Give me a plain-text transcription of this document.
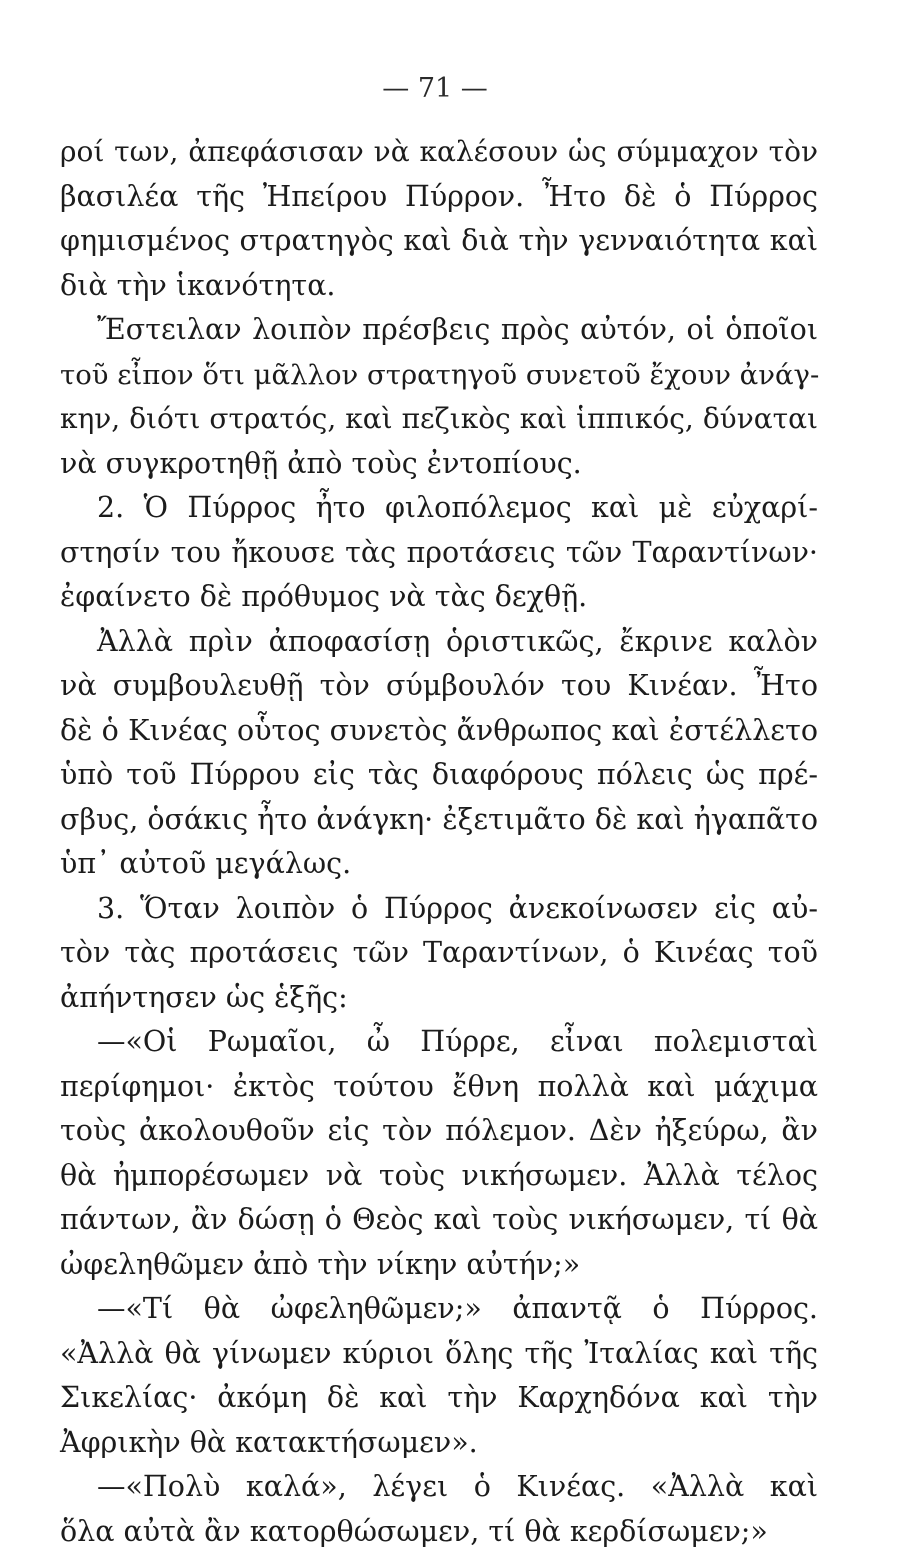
— 71 —
ροί των, ἀπεφάσισαν νὰ καλέσουν ὡς σύμμαχον τὸν
βασιλέα τῆς Ἠπείρου Πύρρον. Ἦτο δὲ ὁ Πύρρος
φημισμένος στρατηγὸς καὶ διὰ τὴν γενναιότητα καὶ
διὰ τὴν ἱκανότητα.
Ἔστειλαν λοιπὸν πρέσβεις πρὸς αὐτόν, οἱ ὁποῖοι
τοῦ εἶπον ὅτι μᾶλλον στρατηγοῦ συνετοῦ ἔχουν ἀνάγ-
κην, διότι στρατός, καὶ πεζικὸς καὶ ἱππικός, δύναται
νὰ συγκροτηθῇ ἀπὸ τοὺς ἐντοπίους.
2. Ὁ Πύρρος ἦτο φιλοπόλεμος καὶ μὲ εὐχαρί-
στησίν του ἤκουσε τὰς προτάσεις τῶν Ταραντίνων·
ἐφαίνετο δὲ πρόθυμος νὰ τὰς δεχθῇ.
Ἀλλὰ πρὶν ἀποφασίσῃ ὁριστικῶς, ἔκρινε καλὸν
νὰ συμβουλευθῇ τὸν σύμβουλόν του Κινέαν. Ἦτο
δὲ ὁ Κινέας οὗτος συνετὸς ἄνθρωπος καὶ ἐστέλλετο
ὑπὸ τοῦ Πύρρου εἰς τὰς διαφόρους πόλεις ὡς πρέ-
σβυς, ὁσάκις ἦτο ἀνάγκη· ἐξετιμᾶτο δὲ καὶ ἠγαπᾶτο
ὑπ᾿ αὐτοῦ μεγάλως.
3. Ὅταν λοιπὸν ὁ Πύρρος ἀνεκοίνωσεν εἰς αὐ-
τὸν τὰς προτάσεις τῶν Ταραντίνων, ὁ Κινέας τοῦ
ἀπήντησεν ὡς ἑξῆς:
—«Οἱ Ρωμαῖοι, ὦ Πύρρε, εἶναι πολεμισταὶ
περίφημοι· ἐκτὸς τούτου ἔθνη πολλὰ καὶ μάχιμα
τοὺς ἀκολουθοῦν εἰς τὸν πόλεμον. Δὲν ἠξεύρω, ἂν
θὰ ἠμπορέσωμεν νὰ τοὺς νικήσωμεν. Ἀλλὰ τέλος
πάντων, ἂν δώσῃ ὁ Θεὸς καὶ τοὺς νικήσωμεν, τί θὰ
ὠφεληθῶμεν ἀπὸ τὴν νίκην αὐτήν;»
—«Τί θὰ ὠφεληθῶμεν;» ἀπαντᾷ ὁ Πύρρος.
«Ἀλλὰ θὰ γίνωμεν κύριοι ὅλης τῆς Ἰταλίας καὶ τῆς
Σικελίας· ἀκόμη δὲ καὶ τὴν Καρχηδόνα καὶ τὴν
Ἀφρικὴν θὰ κατακτήσωμεν».
—«Πολὺ καλά», λέγει ὁ Κινέας. «Ἀλλὰ καὶ
ὅλα αὐτὰ ἂν κατορθώσωμεν, τί θὰ κερδίσωμεν;»
